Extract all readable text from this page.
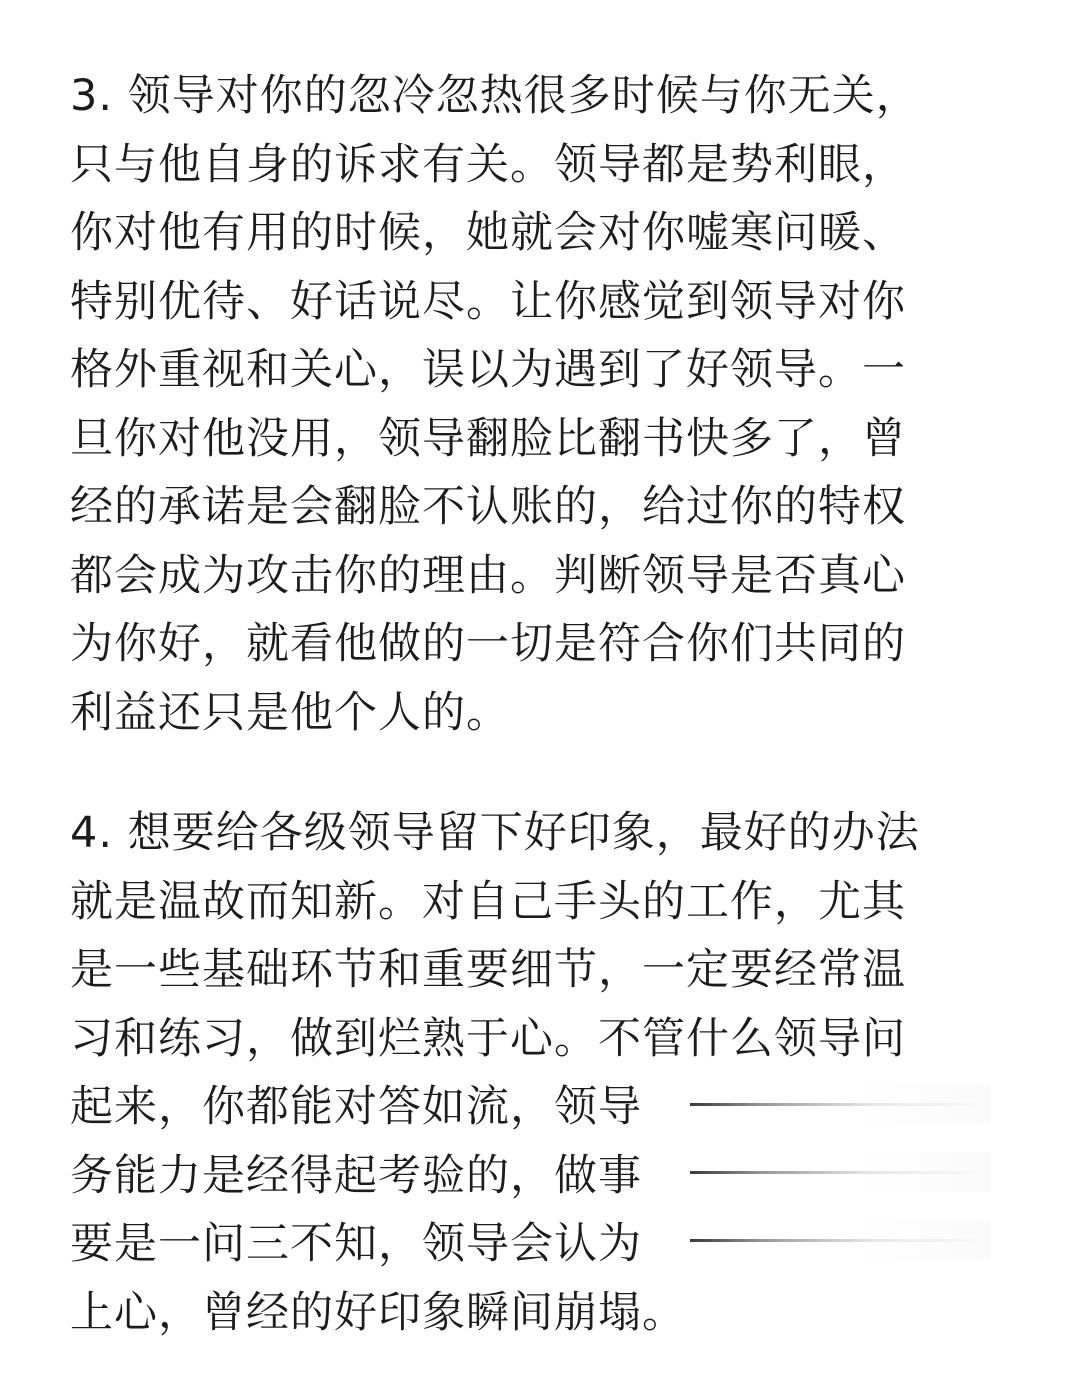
3. 领导对你的忽冷忽热很多时候与你无关，
只与他自身的诉求有关。领导都是势利眼，
你对他有用的时候，她就会对你嘘寒问暖、
特别优待、好话说尽。让你感觉到领导对你
格外重视和关心，误以为遇到了好领导。一
旦你对他没用，领导翻脸比翻书快多了，曾
经的承诺是会翻脸不认账的，给过你的特权
都会成为攻击你的理由。判断领导是否真心
为你好，就看他做的一切是符合你们共同的
利益还只是他个人的。
4. 想要给各级领导留下好印象，最好的办法
就是温故而知新。对自己手头的工作，尤其
是一些基础环节和重要细节，一定要经常温
习和练习，做到烂熟于心。不管什么领导问
起来，你都能对答如流，领导
务能力是经得起考验的，做事
要是一问三不知，领导会认为
上心，曾经的好印象瞬间崩塌。
